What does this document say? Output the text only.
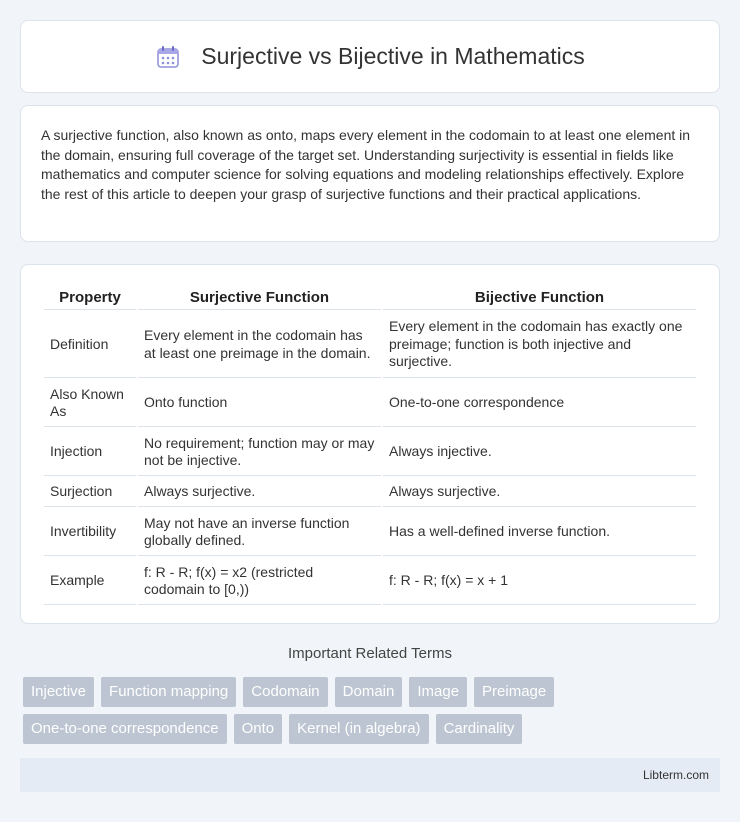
Surjective vs Bijective in Mathematics

A surjective function, also known as onto, maps every element in the codomain to at least one element in the domain, ensuring full coverage of the target set. Understanding surjectivity is essential in fields like mathematics and computer science for solving equations and modeling relationships effectively. Explore the rest of this article to deepen your grasp of surjective functions and their practical applications.

Property	Surjective Function	Bijective Function
Definition	Every element in the codomain has at least one preimage in the domain.	Every element in the codomain has exactly one preimage; function is both injective and surjective.
Also Known As	Onto function	One-to-one correspondence
Injection	No requirement; function may or may not be injective.	Always injective.
Surjection	Always surjective.	Always surjective.
Invertibility	May not have an inverse function globally defined.	Has a well-defined inverse function.
Example	f: R - R; f(x) = x2 (restricted codomain to [0,))	f: R - R; f(x) = x + 1
Important Related Terms
Injective	Function mapping	Codomain	Domain	Image	Preimage
One-to-one correspondence	Onto	Kernel (in algebra)	Cardinality
Libterm.com
